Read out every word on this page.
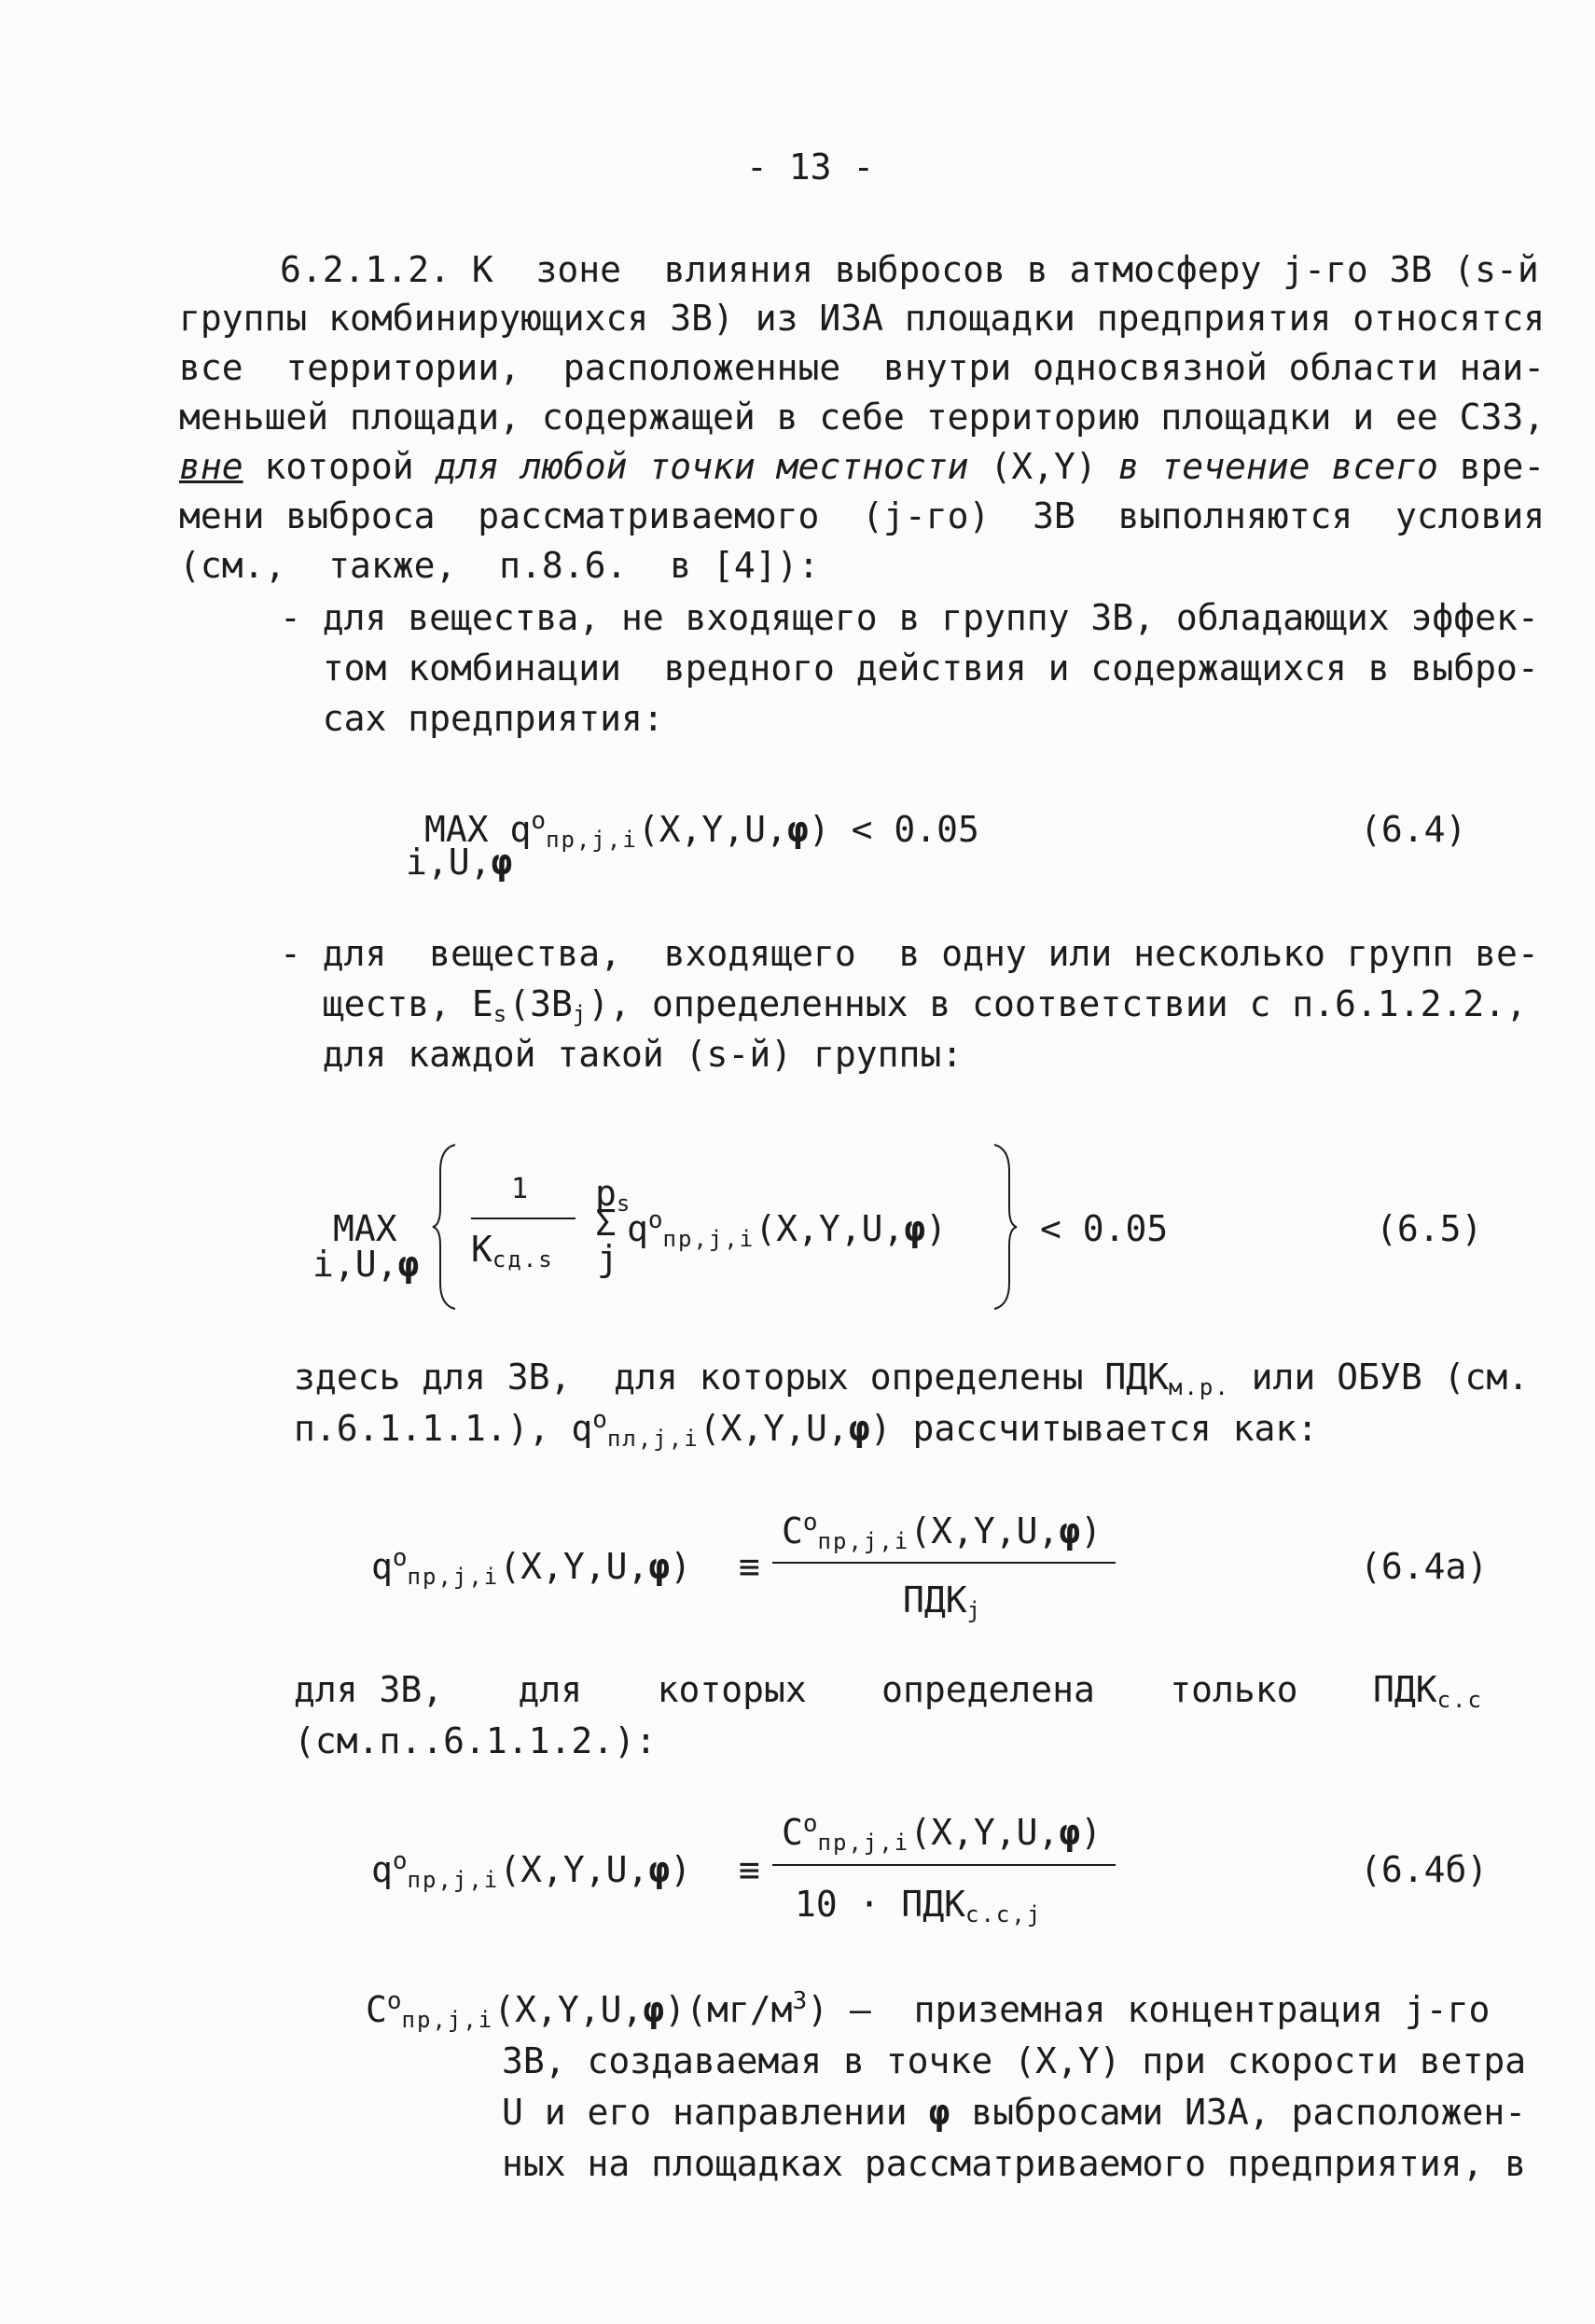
- 13 -
6.2.1.2. К  зоне  влияния выбросов в атмосферу j-го ЗВ (s-й
группы комбинирующихся ЗВ) из ИЗА площадки предприятия относятся
все  территории,  расположенные  внутри односвязной области наи-
меньшей площади, содержащей в себе территорию площадки и ее СЗЗ,
вне которой для любой точки местности (X,Y) в течение всего вре-
мени выброса  рассматриваемого  (j-го)  ЗВ  выполняются  условия
(см.,  также,  п.8.6.  в [4]):
- для вещества, не входящего в группу ЗВ, обладающих эффек-
том комбинации  вредного действия и содержащихся в выбро-
сах предприятия:
MAX $q^o_{пр,j,i}(X,Y,U,\varphi) < 0.05$
i,U,φ
(6.4)
- для  вещества,  входящего  в одну или несколько групп ве-
ществ, $E_s(ЗВ_j)$, определенных в соответствии с п.6.1.2.2.,
для каждой такой (s-й) группы:
MAX
i,U,φ
1
$K_{сд.s}$
$p_s$
Σ
j
$q^o_{пр,j,i}(X,Y,U,\varphi)$	< 0.05	(6.5)
здесь для ЗВ,  для которых определены $ПДК_{м.р.}$ или ОБУВ (см.
п.6.1.1.1.), $q^o_{пл,j,i}(X,Y,U,\varphi)$ рассчитывается как:
$q^o_{пр,j,i}(X,Y,U,\varphi)$ ≡
$C^o_{пр,j,i}(X,Y,U,\varphi)$
$ПДК_j$
(6.4а)
для ЗВ, для которых определена только $ПДК_{с.с}$
(см.п..6.1.1.2.):
$q^o_{пр,j,i}(X,Y,U,\varphi)$ ≡
$C^o_{пр,j,i}(X,Y,U,\varphi)$
$10 \cdot ПДК_{с.с,j}$
(6.4б)
$C^o_{пр,j,i}(X,Y,U,\varphi)(мг/м^3)$ –  приземная концентрация j-го
ЗВ, создаваемая в точке (X,Y) при скорости ветра
U и его направлении φ выбросами ИЗА, расположен-
ных на площадках рассматриваемого предприятия, в
